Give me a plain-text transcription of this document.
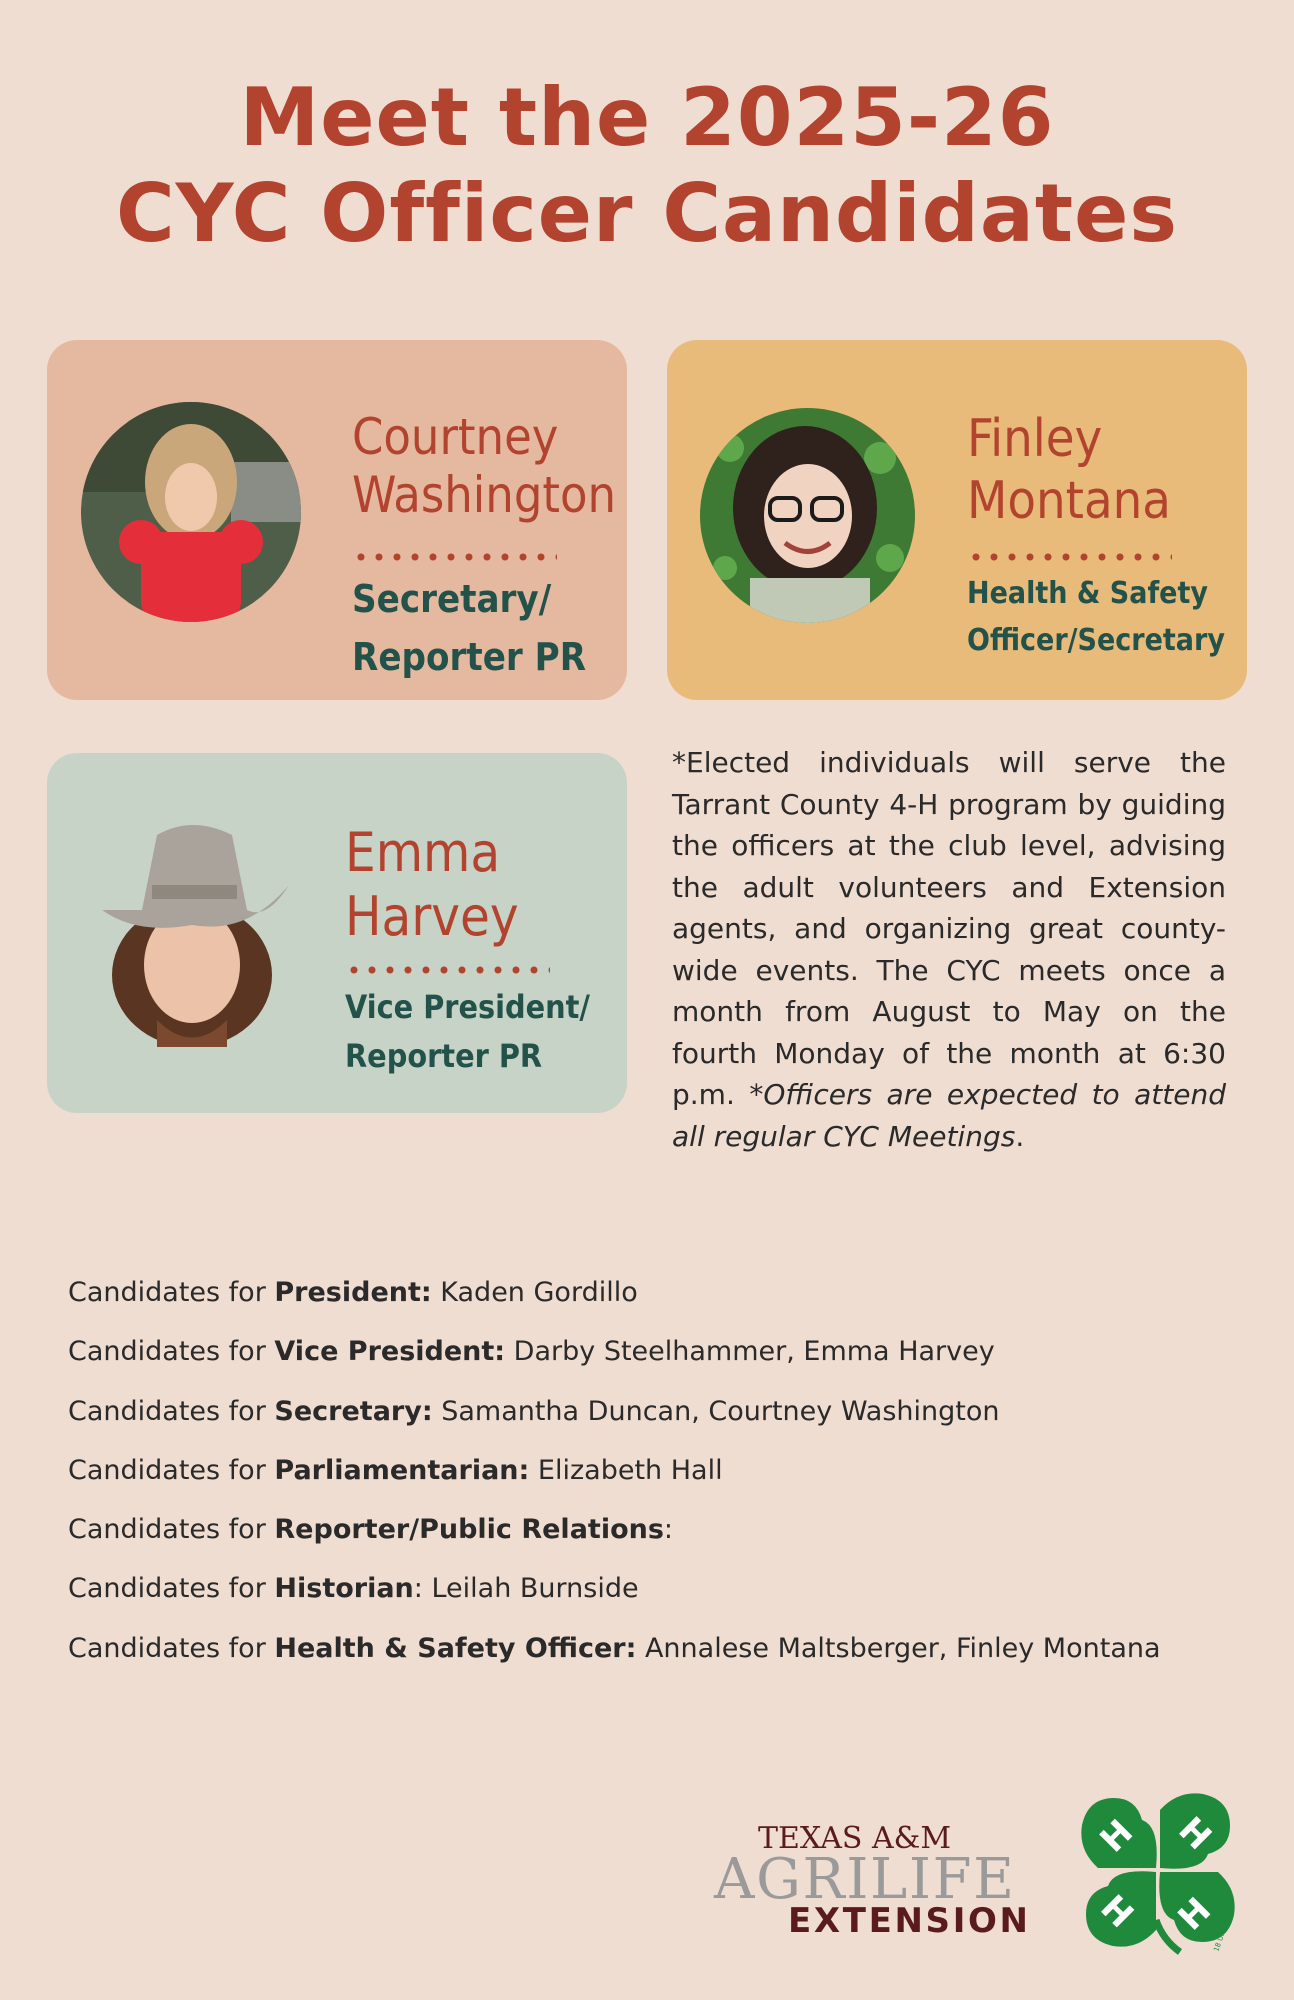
Meet the 2025-26
CYC Officer Candidates
Courtney
Washington
Secretary/
Reporter PR
Finley
Montana
Health & Safety
Officer/Secretary
Emma
Harvey
Vice President/
Reporter PR
*Elected individuals will serve the Tarrant County 4-H program by guiding the officers at the club level, advising the adult volunteers and Extension agents, and organizing great county-wide events. The CYC meets once a month from August to May on the fourth Monday of the month at 6:30 p.m. *Officers are expected to attend all regular CYC Meetings.
Candidates for President: Kaden Gordillo
Candidates for Vice President: Darby Steelhammer, Emma Harvey
Candidates for Secretary: Samantha Duncan, Courtney Washington
Candidates for Parliamentarian: Elizabeth Hall
Candidates for Reporter/Public Relations:
Candidates for Historian: Leilah Burnside
Candidates for Health & Safety Officer: Annalese Maltsberger, Finley Montana
TEXAS A&M
AGRILIFE
EXTENSION
H H
H
H	18 U.S.C. 707
